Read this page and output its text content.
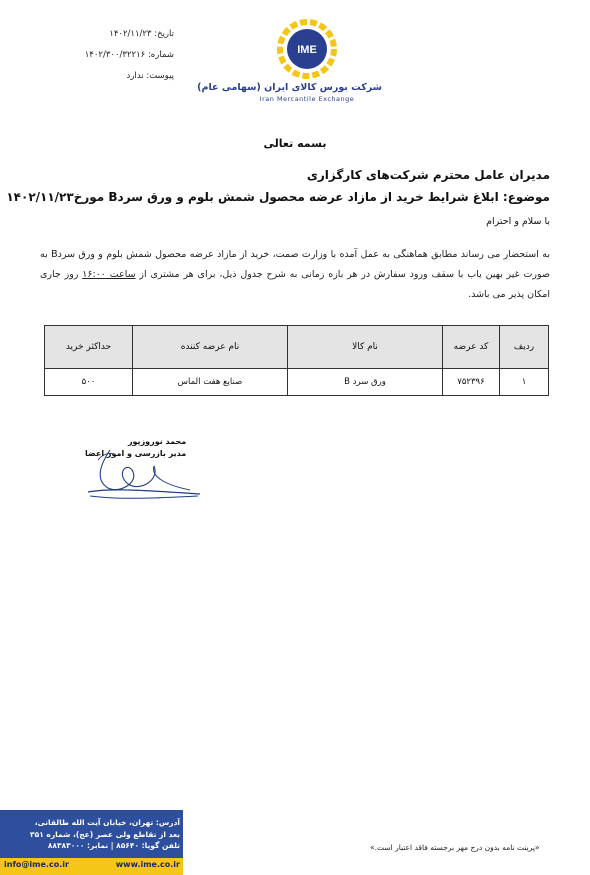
تاریخ: ۱۴۰۲/۱۱/۲۳
شماره: ۱۴۰۲/۳۰۰/۳۲۲۱۶
پیوست: ندارد
IME
شرکت بورس کالای ایران (سهامی عام)
Iran Mercantile Exchange
بسمه تعالی
مدیران عامل محترم شرکت‌های کارگزاری
موضوع: ابلاغ شرایط خرید از مازاد عرضه محصول شمش بلوم و ورق سردB مورخ۱۴۰۲/۱۱/۲۳
با سلام و احترام
به استحضار می رساند مطابق هماهنگی به عمل آمده با وزارت صمت، خرید از مازاد عرضه محصول شمش بلوم و ورق سردB به صورت غیر بهین یاب با سقف ورود سفارش در هر بازه زمانی به شرح جدول ذیل، برای هر مشتری از ساعت ۱۶:۰۰ روز جاری امکان پذیر می باشد.
ردیف	کد عرضه	نام کالا	نام عرضه کننده	حداکثر خرید
۱	۷۵۲۳۹۶	ورق سرد B	صنایع هفت الماس	۵۰۰
محمد نوروزپور
مدیر بازرسی و امور اعضا
آدرس: تهران، خیابان آیت الله طالقانی،
بعد از تقاطع ولی عصر (عج)، شماره ۳۵۱
تلفن گویا: ۸۵۶۴۰ | نمابر: ۸۸۳۸۳۰۰۰
info@ime.co.ir	www.ime.co.ir
«پرینت نامه بدون درج مهر برجسته فاقد اعتبار است.»
